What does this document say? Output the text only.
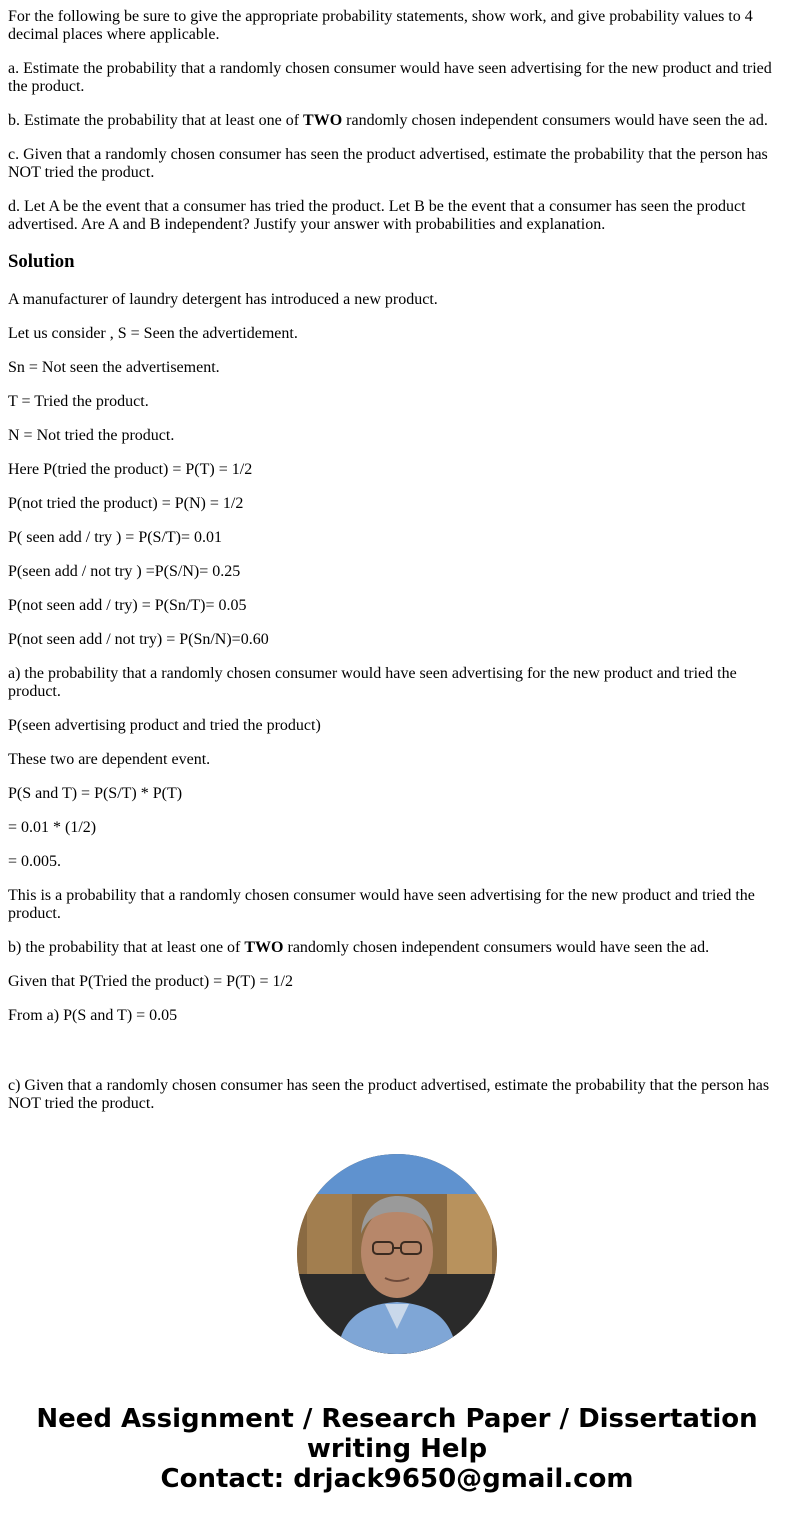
For the following be sure to give the appropriate probability statements, show work, and give probability values to 4 decimal places where applicable.

a. Estimate the probability that a randomly chosen consumer would have seen advertising for the new product and tried the product.

b. Estimate the probability that at least one of TWO randomly chosen independent consumers would have seen the ad.

c. Given that a randomly chosen consumer has seen the product advertised, estimate the probability that the person has NOT tried the product.

d. Let A be the event that a consumer has tried the product. Let B be the event that a consumer has seen the product advertised. Are A and B independent? Justify your answer with probabilities and explanation.

Solution

A manufacturer of laundry detergent has introduced a new product.

Let us consider , S = Seen the advertidement.

Sn = Not seen the advertisement.

T = Tried the product.

N = Not tried the product.

Here P(tried the product) = P(T) = 1/2

P(not tried the product) = P(N) = 1/2

P( seen add / try ) = P(S/T)= 0.01

P(seen add / not try ) =P(S/N)= 0.25

P(not seen add / try) = P(Sn/T)= 0.05

P(not seen add / not try) = P(Sn/N)=0.60

a) the probability that a randomly chosen consumer would have seen advertising for the new product and tried the product.

P(seen advertising product and tried the product)

These two are dependent event.

P(S and T) = P(S/T) * P(T)

= 0.01 * (1/2)

= 0.005.

This is a probability that a randomly chosen consumer would have seen advertising for the new product and tried the product.

b) the probability that at least one of TWO randomly chosen independent consumers would have seen the ad.

Given that P(Tried the product) = P(T) = 1/2

From a) P(S and T) = 0.05

c) Given that a randomly chosen consumer has seen the product advertised, estimate the probability that the person has NOT tried the product.

Need Assignment / Research Paper / Dissertation
writing Help
Contact: drjack9650@gmail.com
